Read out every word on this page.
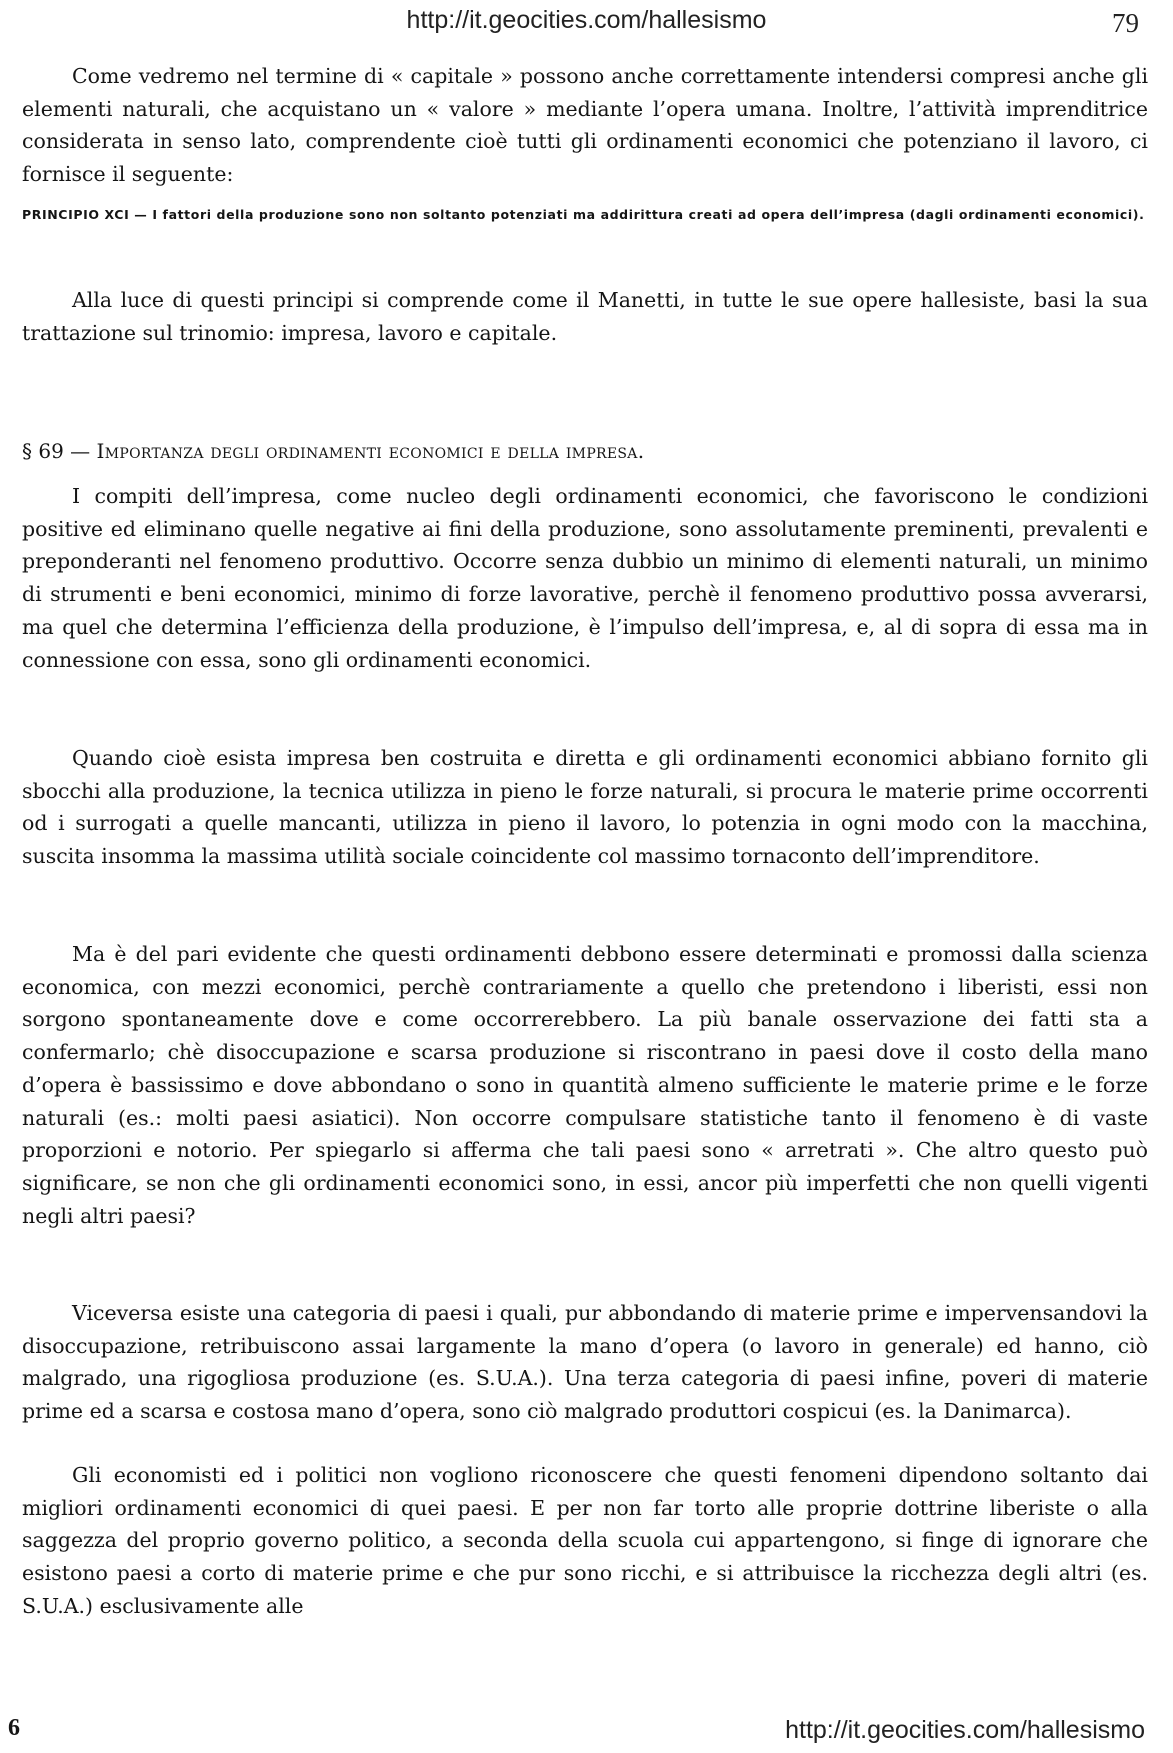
http://it.geocities.com/hallesismo	79

Come vedremo nel termine di « capitale » possono anche correttamente intendersi compresi anche gli elementi naturali, che acquistano un « valore » mediante l’opera umana. Inoltre, l’attività imprenditrice considerata in senso lato, comprendente cioè tutti gli ordinamenti economici che potenziano il lavoro, ci fornisce il seguente:

PRINCIPIO XCI — I fattori della produzione sono non soltanto potenziati ma addirittura creati ad opera dell’impresa (dagli ordinamenti economici).

Alla luce di questi principi si comprende come il Manetti, in tutte le sue opere hallesiste, basi la sua trattazione sul trinomio: impresa, lavoro e capitale.

§ 69 — Importanza degli ordinamenti economici e della impresa.

I compiti dell’impresa, come nucleo degli ordinamenti economici, che favoriscono le condizioni positive ed eliminano quelle negative ai fini della produzione, sono assolutamente preminenti, prevalenti e preponderanti nel fenomeno produttivo. Occorre senza dubbio un minimo di elementi naturali, un minimo di strumenti e beni economici, minimo di forze lavorative, perchè il fenomeno produttivo possa avverarsi, ma quel che determina l’efficienza della produzione, è l’impulso dell’impresa, e, al di sopra di essa ma in connessione con essa, sono gli ordinamenti economici.

Quando cioè esista impresa ben costruita e diretta e gli ordinamenti economici abbiano fornito gli sbocchi alla produzione, la tecnica utilizza in pieno le forze naturali, si procura le materie prime occorrenti od i surrogati a quelle mancanti, utilizza in pieno il lavoro, lo potenzia in ogni modo con la macchina, suscita insomma la massima utilità sociale coincidente col massimo tornaconto dell’imprenditore.

Ma è del pari evidente che questi ordinamenti debbono essere determinati e promossi dalla scienza economica, con mezzi economici, perchè contrariamente a quello che pretendono i liberisti, essi non sorgono spontaneamente dove e come occorrerebbero. La più banale osservazione dei fatti sta a confermarlo; chè disoccupazione e scarsa produzione si riscontrano in paesi dove il costo della mano d’opera è bassissimo e dove abbondano o sono in quantità almeno sufficiente le materie prime e le forze naturali (es.: molti paesi asiatici). Non occorre compulsare statistiche tanto il fenomeno è di vaste proporzioni e notorio. Per spiegarlo si afferma che tali paesi sono « arretrati ». Che altro questo può significare, se non che gli ordinamenti economici sono, in essi, ancor più imperfetti che non quelli vigenti negli altri paesi?

Viceversa esiste una categoria di paesi i quali, pur abbondando di materie prime e impervensandovi la disoccupazione, retribuiscono assai largamente la mano d’opera (o lavoro in generale) ed hanno, ciò malgrado, una rigogliosa produzione (es. S.U.A.). Una terza categoria di paesi infine, poveri di materie prime ed a scarsa e costosa mano d’opera, sono ciò malgrado produttori cospicui (es. la Danimarca).

Gli economisti ed i politici non vogliono riconoscere che questi fenomeni dipendono soltanto dai migliori ordinamenti economici di quei paesi. E per non far torto alle proprie dottrine liberiste o alla saggezza del proprio governo politico, a seconda della scuola cui appartengono, si finge di ignorare che esistono paesi a corto di materie prime e che pur sono ricchi, e si attribuisce la ricchezza degli altri (es. S.U.A.) esclusivamente alle

6	http://it.geocities.com/hallesismo
